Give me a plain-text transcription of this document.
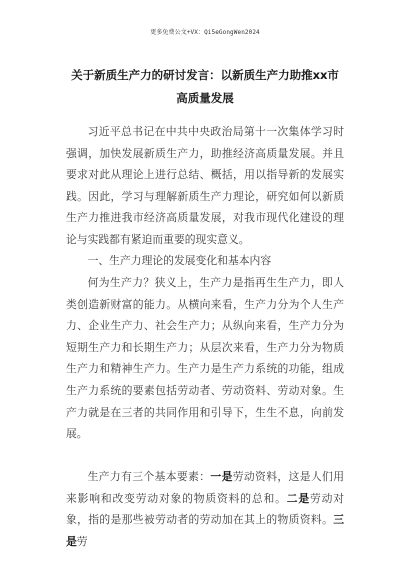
更多免费公文+VX：Qi5eGongWen2024
关于新质生产力的研讨发言：以新质生产力助推xx市高质量发展

习近平总书记在中共中央政治局第十一次集体学习时强调，加快发展新质生产力，助推经济高质量发展。并且要求对此从理论上进行总结、概括，用以指导新的发展实践。因此，学习与理解新质生产力理论，研究如何以新质生产力推进我市经济高质量发展，对我市现代化建设的理论与实践都有紧迫而重要的现实意义。

一、生产力理论的发展变化和基本内容

何为生产力？狭义上，生产力是指再生生产力，即人类创造新财富的能力。从横向来看，生产力分为个人生产力、企业生产力、社会生产力；从纵向来看，生产力分为短期生产力和长期生产力；从层次来看，生产力分为物质生产力和精神生产力。生产力是生产力系统的功能，组成生产力系统的要素包括劳动者、劳动资料、劳动对象。生产力就是在三者的共同作用和引导下，生生不息，向前发展。

生产力有三个基本要素：一是劳动资料，这是人们用来影响和改变劳动对象的物质资料的总和。二是劳动对象，指的是那些被劳动者的劳动加在其上的物质资料。三是劳
